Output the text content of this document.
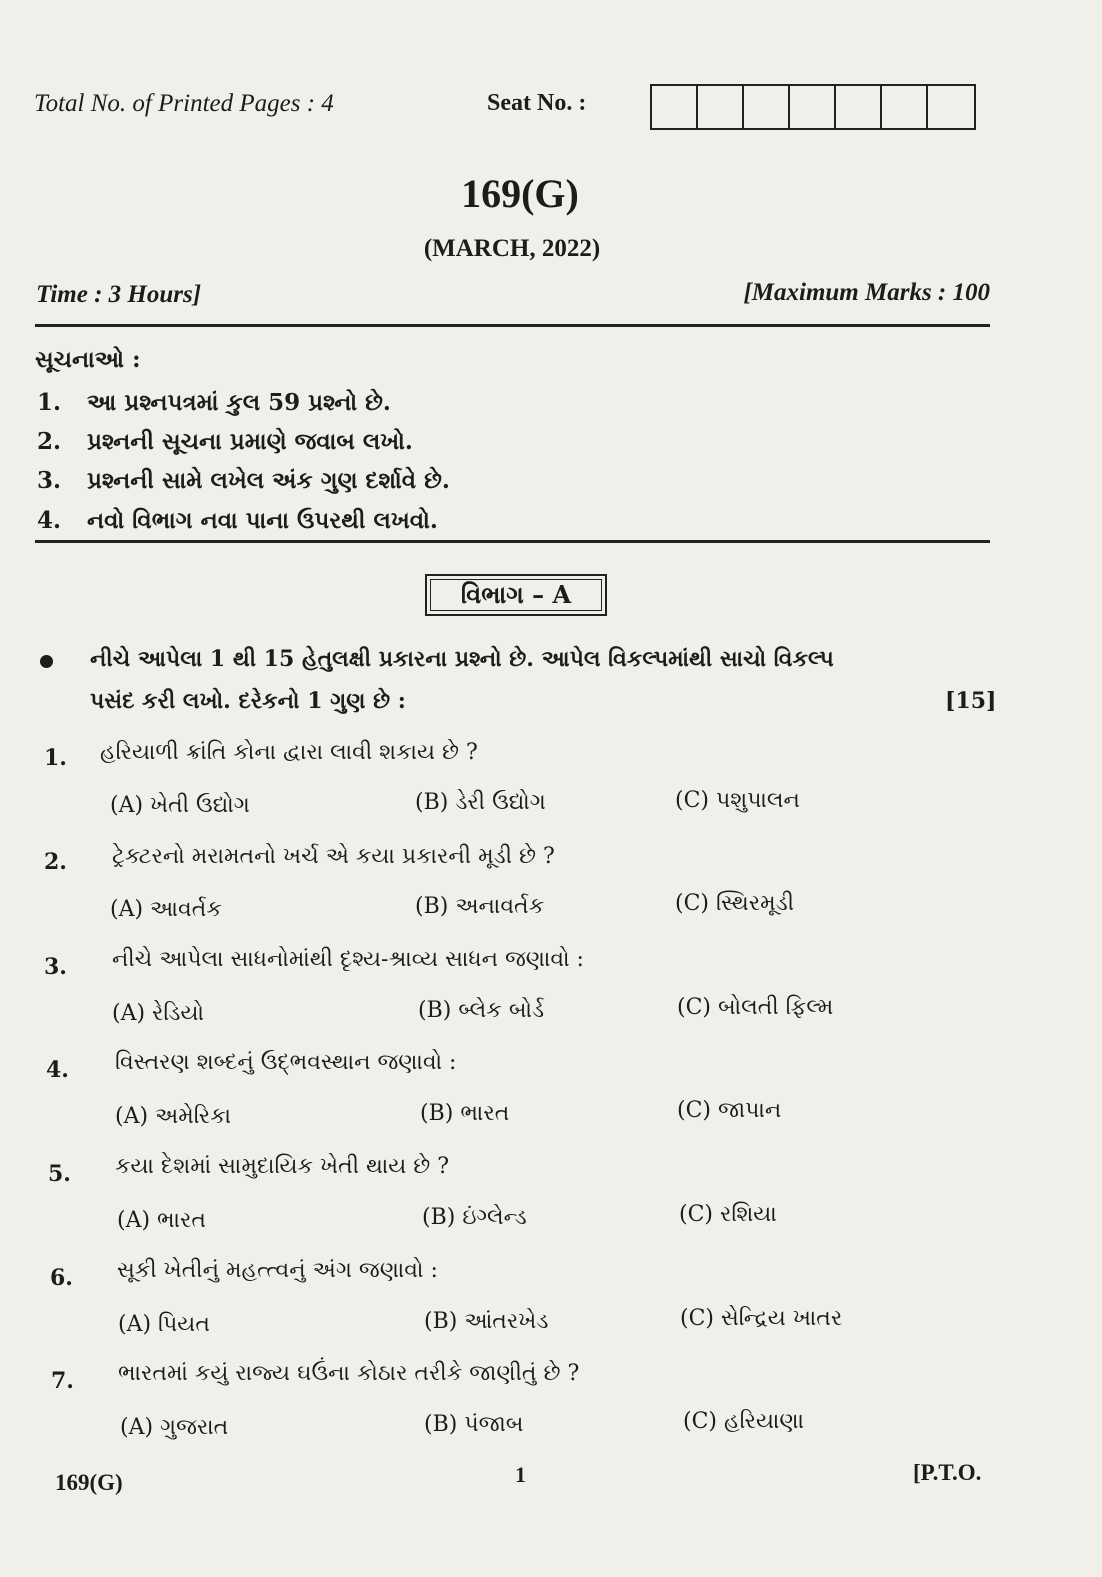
Total No. of Printed Pages : 4	Seat No. :
169(G)
(MARCH, 2022)
Time : 3 Hours]	[Maximum Marks : 100
સૂચનાઓ :
1. આ પ્રશ્નપત્રમાં કુલ 59 પ્રશ્નો છે.
2. પ્રશ્નની સૂચના પ્રમાણે જવાબ લખો.
3. પ્રશ્નની સામે લખેલ અંક ગુણ દર્શાવે છે.
4. નવો વિભાગ નવા પાના ઉપરથી લખવો.
વિભાગ – A
નીચે આપેલા 1 થી 15 હેતુલક્ષી પ્રકારના પ્રશ્નો છે. આપેલ વિકલ્પમાંથી સાચો વિકલ્પ
પસંદ કરી લખો. દરેકનો 1 ગુણ છે :	[15]
1. હરિયાળી ક્રાંતિ કોના દ્વારા લાવી શકાય છે ?
(A) ખેતી ઉદ્યોગ	(B) ડેરી ઉદ્યોગ	(C) પશુપાલન
2. ટ્રેક્ટરનો મરામતનો ખર્ચ એ કયા પ્રકારની મૂડી છે ?
(A) આવર્તક	(B) અનાવર્તક	(C) સ્થિરમૂડી
3. નીચે આપેલા સાધનોમાંથી દૃશ્ય-શ્રાવ્ય સાધન જણાવો :
(A) રેડિયો	(B) બ્લેક બોર્ડ	(C) બોલતી ફિલ્મ
4. વિસ્તરણ શબ્દનું ઉદ્ભવસ્થાન જણાવો :
(A) અમેરિકા	(B) ભારત	(C) જાપાન
5. કયા દેશમાં સામુદાયિક ખેતી થાય છે ?
(A) ભારત	(B) ઇંગ્લેન્ડ	(C) રશિયા
6. સૂકી ખેતીનું મહત્ત્વનું અંગ જણાવો :
(A) પિયત	(B) આંતરખેડ	(C) સેન્દ્રિય ખાતર
7. ભારતમાં કયું રાજ્ય ઘઉંના કોઠાર તરીકે જાણીતું છે ?
(A) ગુજરાત	(B) પંજાબ	(C) હરિયાણા
169(G)	1	[P.T.O.
